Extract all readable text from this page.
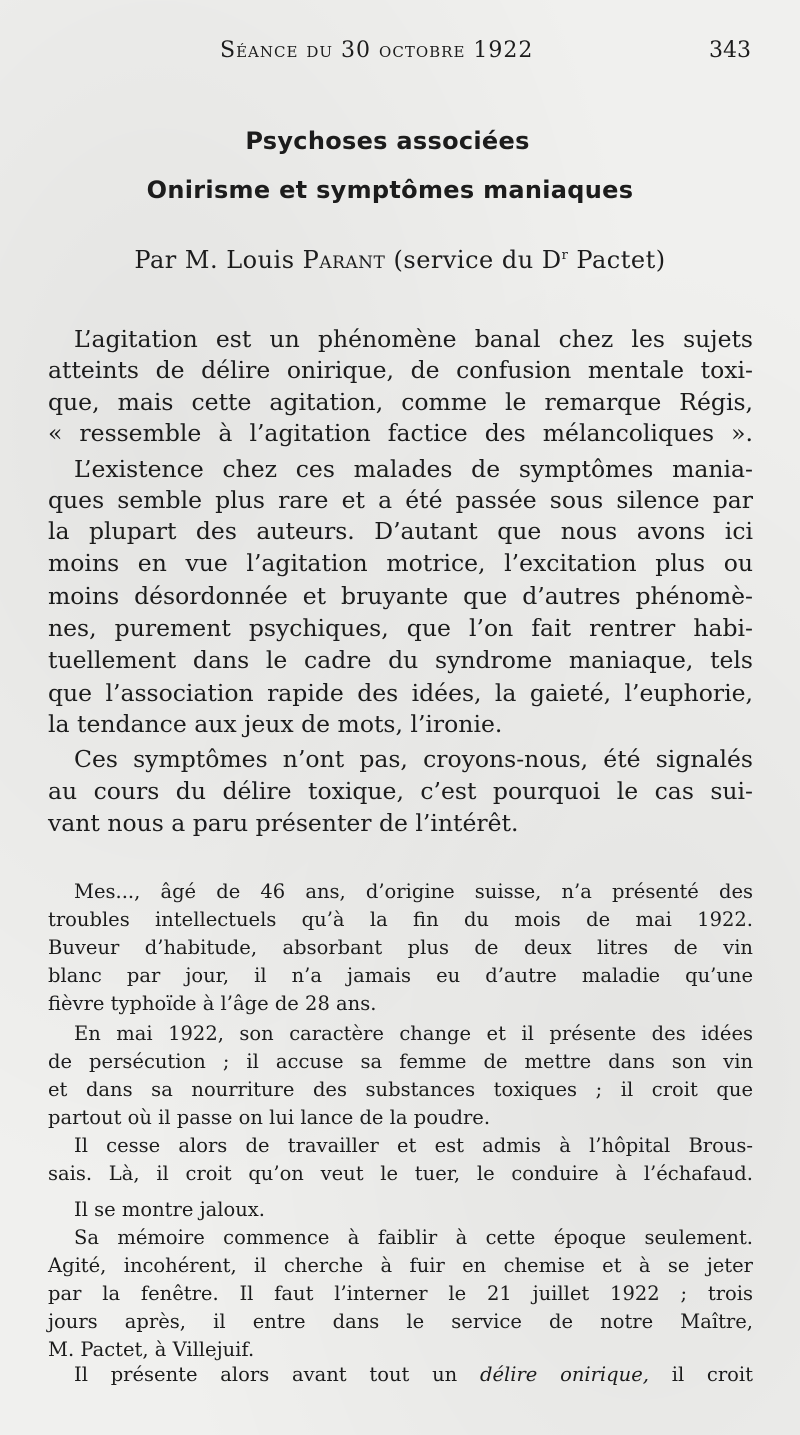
Séance du 30 octobre 1922	343
Psychoses associées
Onirisme et symptômes maniaques
Par M. Louis Parant (service du $D^r$ Pactet)
L’agitation est un phénomène banal chez les sujets
atteints de délire onirique, de confusion mentale toxi-
que, mais cette agitation, comme le remarque Régis,
« ressemble à l’agitation factice des mélancoliques ».
L’existence chez ces malades de symptômes mania-
ques semble plus rare et a été passée sous silence par
la plupart des auteurs. D’autant que nous avons ici
moins en vue l’agitation motrice, l’excitation plus ou
moins désordonnée et bruyante que d’autres phénomè-
nes, purement psychiques, que l’on fait rentrer habi-
tuellement dans le cadre du syndrome maniaque, tels
que l’association rapide des idées, la gaieté, l’euphorie,
la tendance aux jeux de mots, l’ironie.
Ces symptômes n’ont pas, croyons-nous, été signalés
au cours du délire toxique, c’est pourquoi le cas sui-
vant nous a paru présenter de l’intérêt.
Mes..., âgé de 46 ans, d’origine suisse, n’a présenté des
troubles intellectuels qu’à la fin du mois de mai 1922.
Buveur d’habitude, absorbant plus de deux litres de vin
blanc par jour, il n’a jamais eu d’autre maladie qu’une
fièvre typhoïde à l’âge de 28 ans.
En mai 1922, son caractère change et il présente des idées
de persécution ; il accuse sa femme de mettre dans son vin
et dans sa nourriture des substances toxiques ; il croit que
partout où il passe on lui lance de la poudre.
Il cesse alors de travailler et est admis à l’hôpital Brous-
sais. Là, il croit qu’on veut le tuer, le conduire à l’échafaud.
Il se montre jaloux.
Sa mémoire commence à faiblir à cette époque seulement.
Agité, incohérent, il cherche à fuir en chemise et à se jeter
par la fenêtre. Il faut l’interner le 21 juillet 1922 ; trois
jours après, il entre dans le service de notre Maître,
M. Pactet, à Villejuif.
Il présente alors avant tout un délire onirique, il croit
